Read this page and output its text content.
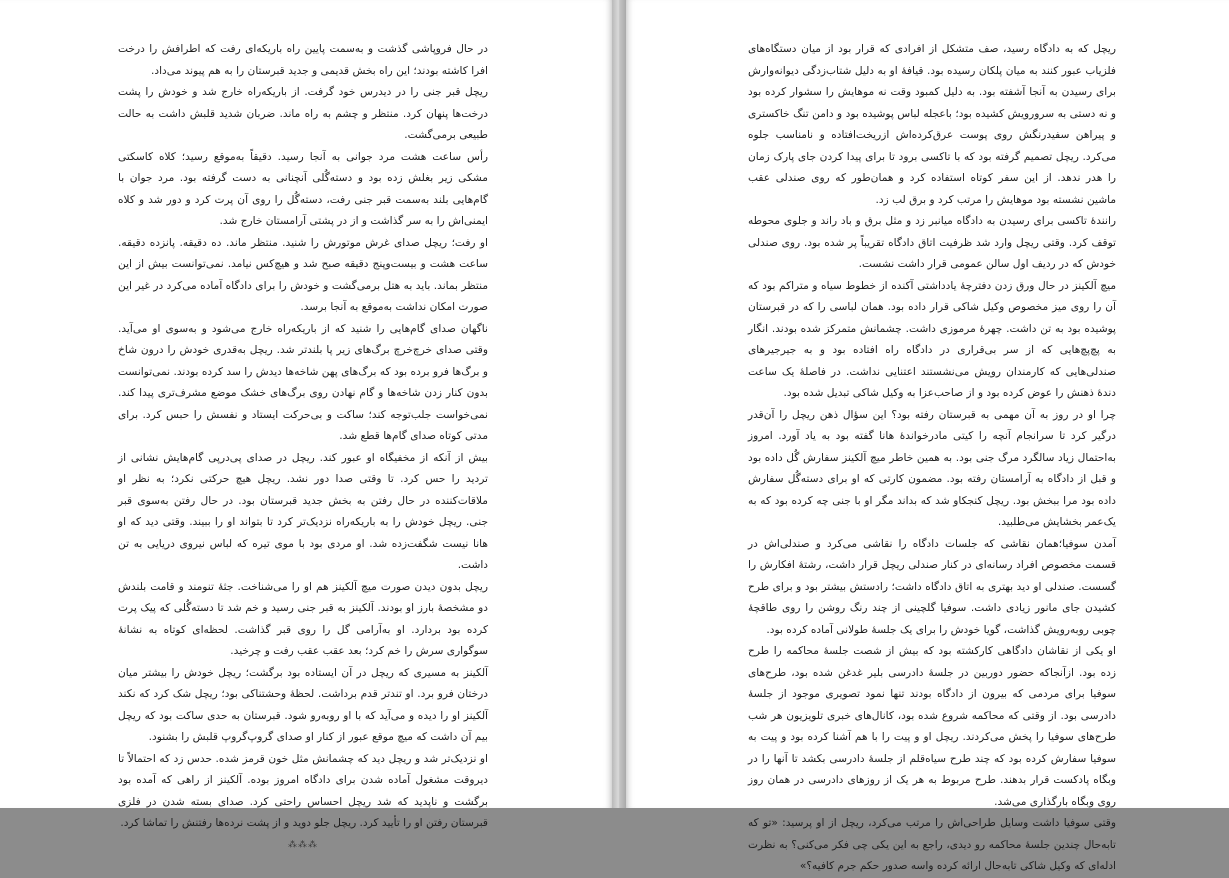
در حال فروپاشی گذشت و به‌سمت پایین راه باریکه‌ای رفت که اطرافش را درخت افرا کاشته بودند؛ این راه بخش قدیمی و جدید قبرستان را به هم پیوند می‌داد.

ریچل قبر جنی را در دیدرس خود گرفت. از باریکه‌راه خارج شد و خودش را پشت درخت‌ها پنهان کرد. منتظر و چشم به راه ماند. ضربان شدید قلبش داشت به حالت طبیعی برمی‌گشت.

رأس ساعت هشت مرد جوانی به آنجا رسید. دقیقاً به‌موقع رسید؛ کلاه کاسکتی مشکی زیر بغلش زده بود و دسته‌گُلی آنچنانی به دست گرفته بود. مرد جوان با گام‌هایی بلند به‌سمت قبر جنی رفت، دسته‌گُل را روی آن پرت کرد و دور شد و کلاه ایمنی‌اش را به سر گذاشت و از در پشتی آرامستان خارج شد.

او رفت؛ ریچل صدای غرش موتورش را شنید. منتظر ماند. ده دقیقه. پانزده دقیقه. ساعت هشت و بیست‌وپنج دقیقه صبح شد و هیچ‌کس نیامد. نمی‌توانست بیش از این منتظر بماند. باید به هتل برمی‌گشت و خودش را برای دادگاه آماده می‌کرد در غیر این صورت امکان نداشت به‌موقع به آنجا برسد.

ناگهان صدای گام‌هایی را شنید که از باریکه‌راه خارج می‌شود و به‌سوی او می‌آید. وقتی صدای خرچ‌خرچ برگ‌های زیر پا بلندتر شد. ریچل به‌قدری خودش را درون شاخ و برگ‌ها فرو برده بود که برگ‌های پهن شاخه‌ها دیدش را سد کرده بودند. نمی‌توانست بدون کنار زدن شاخه‌ها و گام نهادن روی برگ‌های خشک موضع مشرف‌تری پیدا کند. نمی‌خواست جلب‌توجه کند؛ ساکت و بی‌حرکت ایستاد و نفسش را حبس کرد. برای مدتی کوتاه صدای گام‌ها قطع شد.

بیش از آنکه از مخفیگاه او عبور کند. ریچل در صدای پی‌درپی گام‌هایش نشانی از تردید را حس کرد. تا وقتی صدا دور نشد. ریچل هیچ حرکتی نکرد؛ به نظر او ملاقات‌کننده در حال رفتن به بخش جدید قبرستان بود. در حال رفتن به‌سوی قبر جنی. ریچل خودش را به باریکه‌راه نزدیک‌تر کرد تا بتواند او را ببیند. وقتی دید که او هانا نیست شگفت‌زده شد. او مردی بود با موی تیره که لباس نیروی دریایی به تن داشت.

ریچل بدون دیدن صورت میچ آلکینز هم او را می‌شناخت. جثهٔ تنومند و قامت بلندش دو مشخصهٔ بارز او بودند. آلکینز به قبر جنی رسید و خم شد تا دسته‌گُلی که پیک پرت کرده بود بردارد. او به‌آرامی گل را روی قبر گذاشت. لحظه‌ای کوتاه به نشانهٔ سوگواری سرش را خم کرد؛ بعد عقب عقب رفت و چرخید.

آلکینز به مسیری که ریچل در آن ایستاده بود برگشت؛ ریچل خودش را بیشتر میان درختان فرو برد. او تندتر قدم برداشت. لحظهٔ وحشتناکی بود؛ ریچل شک کرد که نکند آلکینز او را دیده و می‌آید که با او روبه‌رو شود. قبرستان به حدی ساکت بود که ریچل بیم آن داشت که میچ موقع عبور از کنار او صدای گروپ‌گروپ قلبش را بشنود.

او نزدیک‌تر شد و ریچل دید که چشمانش مثل خون قرمز شده. حدس زد که احتمالاً تا دیروقت مشغول آماده شدن برای دادگاه امروز بوده. آلکینز از راهی که آمده بود برگشت و ناپدید که شد ریچل احساس راحتی کرد. صدای بسته شدن در فلزی قبرستان رفتن او را تأیید کرد. ریچل جلو دوید و از پشت نرده‌ها رفتنش را تماشا کرد.

⁂⁂⁂

ریچل که به دادگاه رسید، صف متشکل از افرادی که قرار بود از میان دستگاه‌های فلزیاب عبور کنند به میان پلکان رسیده بود. قیافهٔ او به دلیل شتاب‌زدگی دیوانه‌وارش برای رسیدن به آنجا آشفته بود. به دلیل کمبود وقت نه موهایش را سشوار کرده بود و نه دستی به سرورویش کشیده بود؛ باعجله لباس پوشیده بود و دامن تنگ خاکستری و پیراهن سفیدرنگش روی پوست عرق‌کرده‌اش ازریخت‌افتاده و نامناسب جلوه می‌کرد. ریچل تصمیم گرفته بود که با تاکسی برود تا برای پیدا کردن جای پارک زمان را هدر ندهد. از این سفر کوتاه استفاده کرد و همان‌طور که روی صندلی عقب ماشین نشسته بود موهایش را مرتب کرد و برق لب زد.

رانندهٔ تاکسی برای رسیدن به دادگاه میانبر زد و مثل برق و باد راند و جلوی محوطه توقف کرد. وقتی ریچل وارد شد ظرفیت اتاق دادگاه تقریباً پر شده بود. روی صندلی خودش که در ردیف اول سالن عمومی قرار داشت نشست.

میچ آلکینز در حال ورق زدن دفترچهٔ یادداشتی آکنده از خطوط سیاه و متراکم بود که آن را روی میز مخصوص وکیل شاکی قرار داده بود. همان لباسی را که در قبرستان پوشیده بود به تن داشت. چهرهٔ مرموزی داشت. چشمانش متمرکز شده بودند. انگار به پچ‌پچ‌هایی که از سر بی‌قراری در دادگاه راه افتاده بود و به جیرجیرهای صندلی‌هایی که کارمندان رویش می‌نشستند اعتنایی نداشت. در فاصلهٔ یک ساعت دندهٔ ذهنش را عوض کرده بود و از صاحب‌عزا به وکیل شاکی تبدیل شده بود.

چرا او در روز به آن مهمی به قبرستان رفته بود؟ این سؤال ذهن ریچل را آن‌قدر درگیر کرد تا سرانجام آنچه را کیتی مادرخواندهٔ هانا گفته بود به یاد آورد. امروز به‌احتمال زیاد سالگرد مرگ جنی بود. به همین خاطر میچ آلکینز سفارش گُل داده بود و قبل از دادگاه به آرامستان رفته بود. مضمون کارتی که او برای دسته‌گُل سفارش داده بود مرا ببخش بود. ریچل کنجکاو شد که بداند مگر او با جنی چه کرده بود که به یک‌عمر بخشایش می‌طلبید.

آمدن سوفیا؛همان نقاشی که جلسات دادگاه را نقاشی می‌کرد و صندلی‌اش در قسمت مخصوص افراد رسانه‌ای در کنار صندلی ریچل قرار داشت، رشتهٔ افکارش را گسست. صندلی او دید بهتری به اتاق دادگاه داشت؛ رادستش بیشتر بود و برای طرح کشیدن جای مانور زیادی داشت. سوفیا گلچینی از چند رنگ روشن را روی طاقچهٔ چوبی روبه‌رویش گذاشت، گویا خودش را برای یک جلسهٔ طولانی آماده کرده بود.

او یکی از نقاشان دادگاهی کارکشته بود که بیش از شصت جلسهٔ محاکمه را طرح زده بود. ازآنجاکه حضور دوربین در جلسهٔ دادرسی بلیر غدغن شده بود، طرح‌های سوفیا برای مردمی که بیرون از دادگاه بودند تنها نمود تصویری موجود از جلسهٔ دادرسی بود. از وقتی که محاکمه شروع شده بود، کانال‌های خبری تلویزیون هر شب طرح‌های سوفیا را پخش می‌کردند. ریچل او و پیت را با هم آشنا کرده بود و پیت به سوفیا سفارش کرده بود که چند طرح سیاه‌قلم از جلسهٔ دادرسی بکشد تا آنها را در وبگاه پادکست قرار بدهند. طرح مربوط به هر یک از روزهای دادرسی در همان روز روی وبگاه بارگذاری می‌شد.

وقتی سوفیا داشت وسایل طراحی‌اش را مرتب می‌کرد، ریچل از او پرسید: «تو که تابه‌حال چندین جلسهٔ محاکمه رو دیدی، راجع به این یکی چی فکر می‌کنی؟ به نظرت ادله‌ای که وکیل شاکی تابه‌حال ارائه کرده واسه صدور حکم جرم کافیه؟»
